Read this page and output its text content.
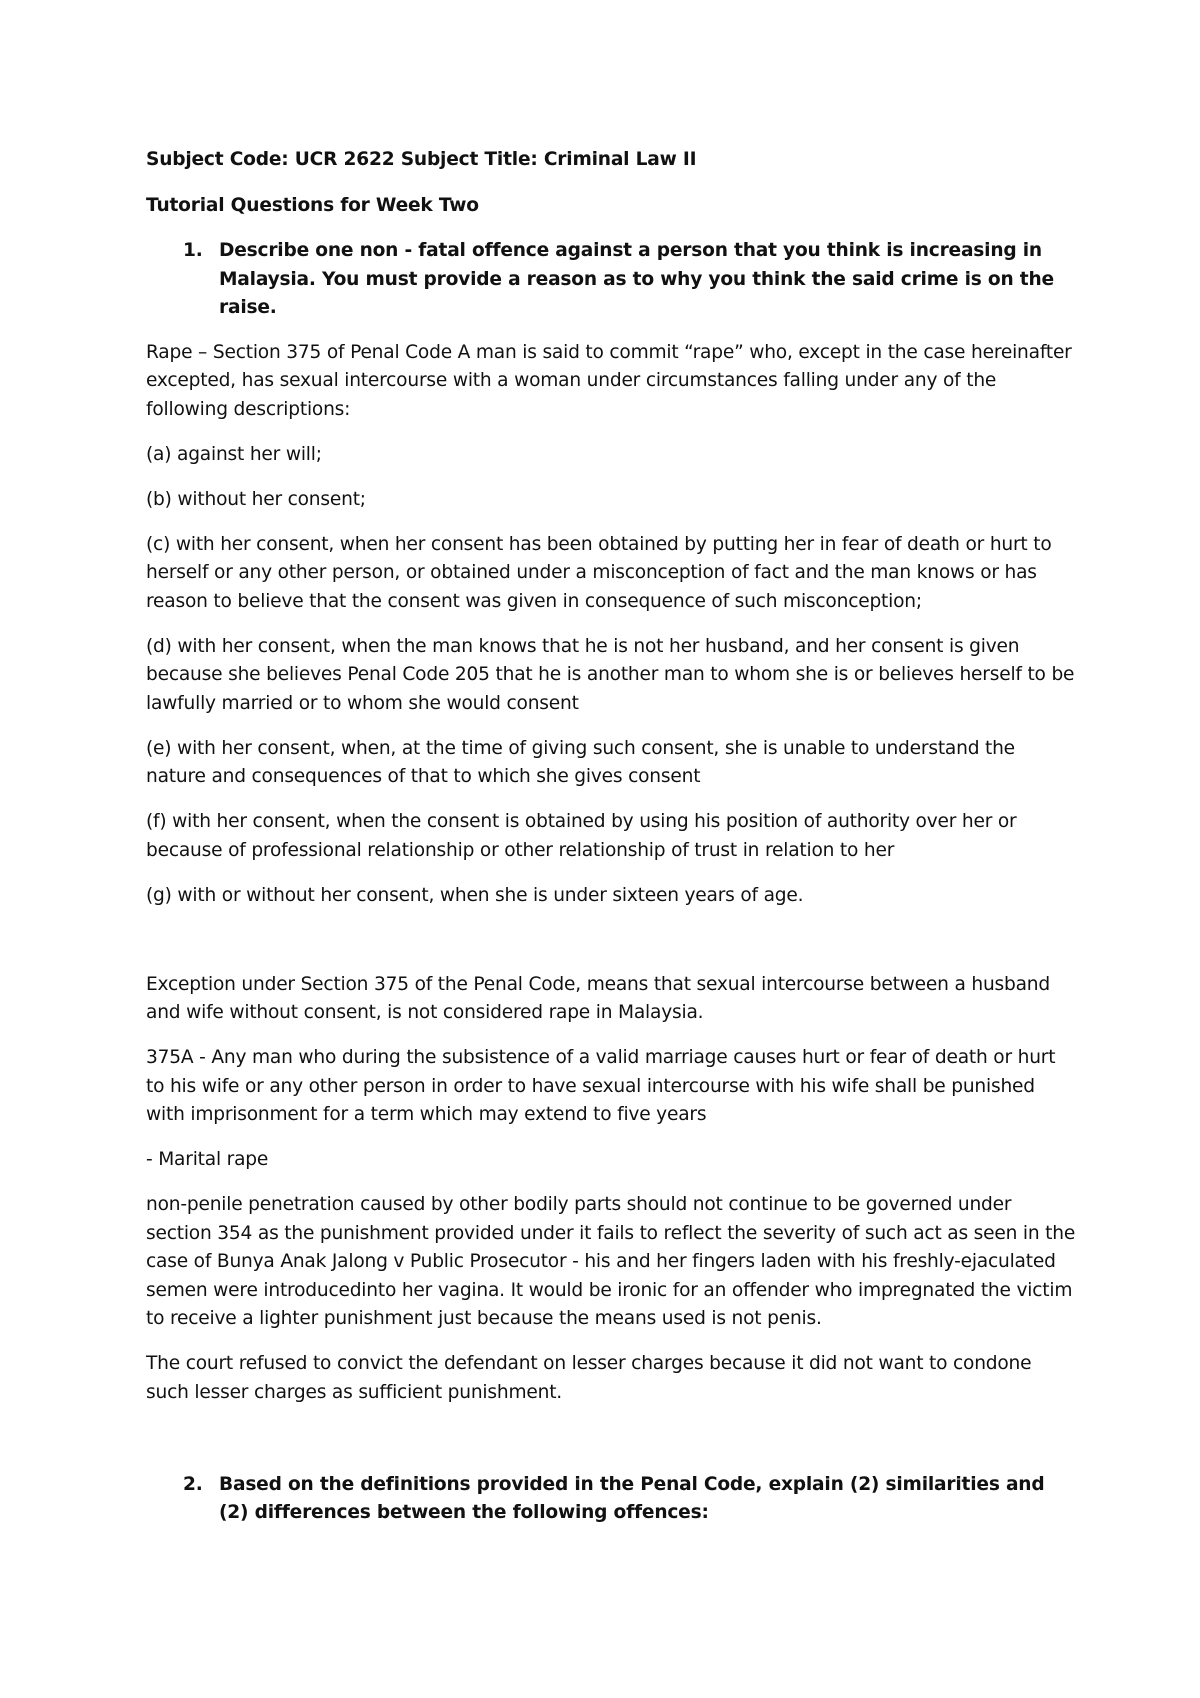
Subject Code: UCR 2622 Subject Title: Criminal Law II

Tutorial Questions for Week Two

1. Describe one non - fatal offence against a person that you think is increasing in Malaysia. You must provide a reason as to why you think the said crime is on the raise.

Rape – Section 375 of Penal Code A man is said to commit “rape” who, except in the case hereinafter excepted, has sexual intercourse with a woman under circumstances falling under any of the following descriptions:

(a) against her will;

(b) without her consent;

(c) with her consent, when her consent has been obtained by putting her in fear of death or hurt to herself or any other person, or obtained under a misconception of fact and the man knows or has reason to believe that the consent was given in consequence of such misconception;

(d) with her consent, when the man knows that he is not her husband, and her consent is given because she believes Penal Code 205 that he is another man to whom she is or believes herself to be lawfully married or to whom she would consent

(e) with her consent, when, at the time of giving such consent, she is unable to understand the nature and consequences of that to which she gives consent

(f) with her consent, when the consent is obtained by using his position of authority over her or because of professional relationship or other relationship of trust in relation to her

(g) with or without her consent, when she is under sixteen years of age.

Exception under Section 375 of the Penal Code, means that sexual intercourse between a husband and wife without consent, is not considered rape in Malaysia.

375A - Any man who during the subsistence of a valid marriage causes hurt or fear of death or hurt to his wife or any other person in order to have sexual intercourse with his wife shall be punished with imprisonment for a term which may extend to five years

- Marital rape

non-penile penetration caused by other bodily parts should not continue to be governed under section 354 as the punishment provided under it fails to reflect the severity of such act as seen in the case of Bunya Anak Jalong v Public Prosecutor - his and her fingers laden with his freshly-ejaculated semen were introducedinto her vagina. It would be ironic for an offender who impregnated the victim to receive a lighter punishment just because the means used is not penis.

The court refused to convict the defendant on lesser charges because it did not want to condone such lesser charges as sufficient punishment.

2. Based on the definitions provided in the Penal Code, explain (2) similarities and (2) differences between the following offences:
